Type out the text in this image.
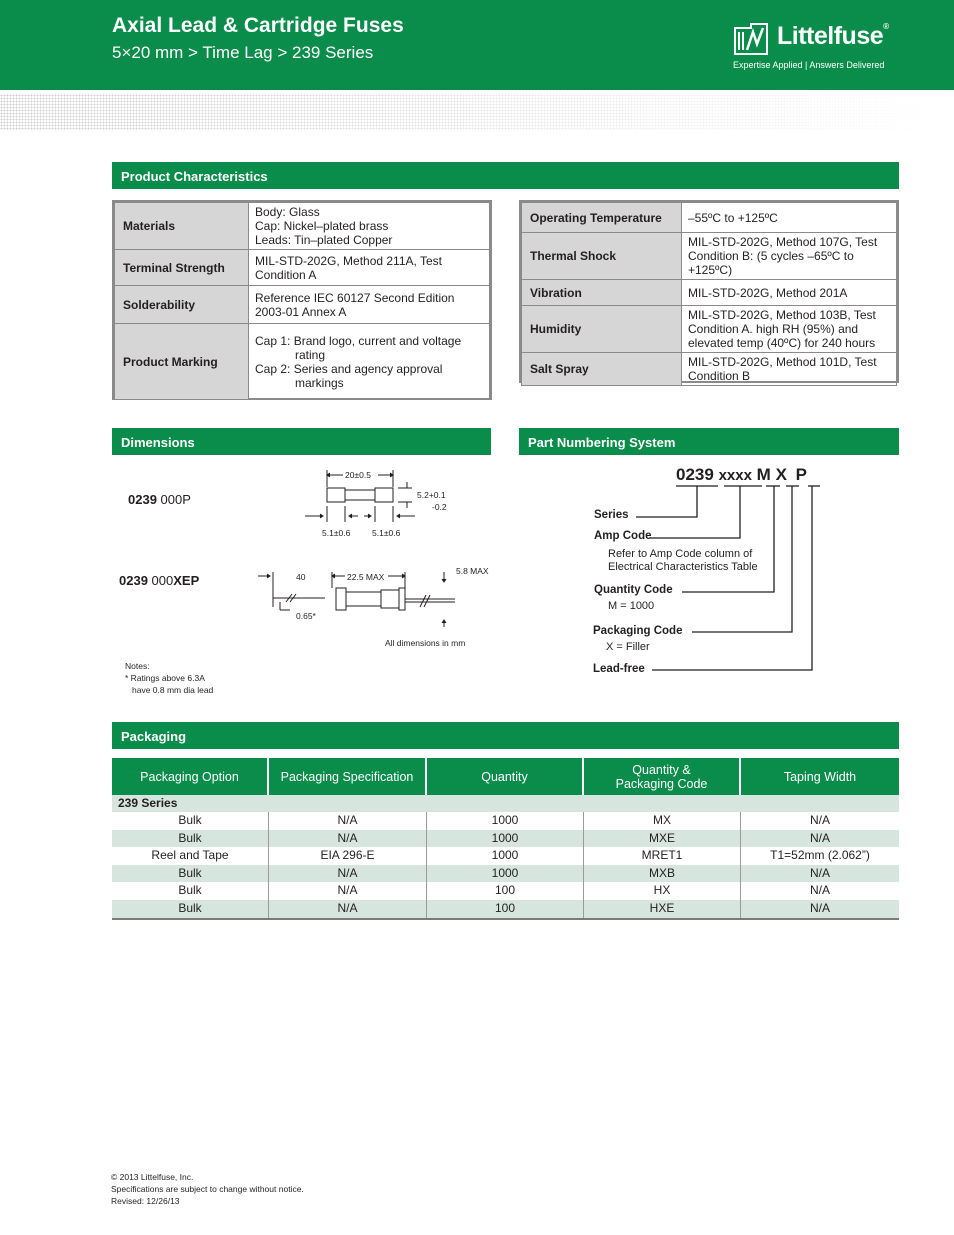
Axial Lead & Cartridge Fuses
5×20 mm > Time Lag > 239 Series
Littelfuse®
Expertise Applied | Answers Delivered
Product Characteristics
Materials	Body: Glass
Cap: Nickel–plated brass
Leads: Tin–plated Copper

Terminal Strength	MIL-STD-202G, Method 211A, Test
Condition A

Solderability	Reference IEC 60127 Second Edition
2003-01 Annex A

Product Marking	Cap 1: Brand logo, current and voltage
rating
Cap 2: Series and agency approval
markings
Operating Temperature	–55ºC to +125ºC
Thermal Shock	MIL-STD-202G, Method 107G, Test
Condition B: (5 cycles –65ºC to
+125ºC)

Vibration	MIL-STD-202G, Method 201A
Humidity	MIL-STD-202G, Method 103B, Test
Condition A. high RH (95%) and
elevated temp (40ºC) for 240 hours

Salt Spray	MIL-STD-202G, Method 101D, Test
Condition B
Dimensions
0239 000P
0239 000XEP
20±0.5
5.2+0.1
-0.2
5.1±0.6	5.1±0.6
40	22.5 MAX
5.8 MAX
0.65*
All dimensions in mm
Notes:
* Ratings above 6.3A
have 0.8 mm dia lead
Part Numbering System
0239 xxxx M X P
Series
Amp Code
Refer to Amp Code column of
Electrical Characteristics Table
Quantity Code
M = 1000
Packaging Code
X = Filler
Lead-free
Packaging
Packaging Option	Packaging Specification	Quantity	Quantity &
Packaging Code	Taping Width
239 Series
Bulk	N/A	1000	MX	N/A
Bulk	N/A	1000	MXE	N/A
Reel and Tape	EIA 296-E	1000	MRET1	T1=52mm (2.062”)
Bulk	N/A	1000	MXB	N/A
Bulk	N/A	100	HX	N/A
Bulk	N/A	100	HXE	N/A
© 2013 Littelfuse, Inc.
Specifications are subject to change without notice.
Revised: 12/26/13
